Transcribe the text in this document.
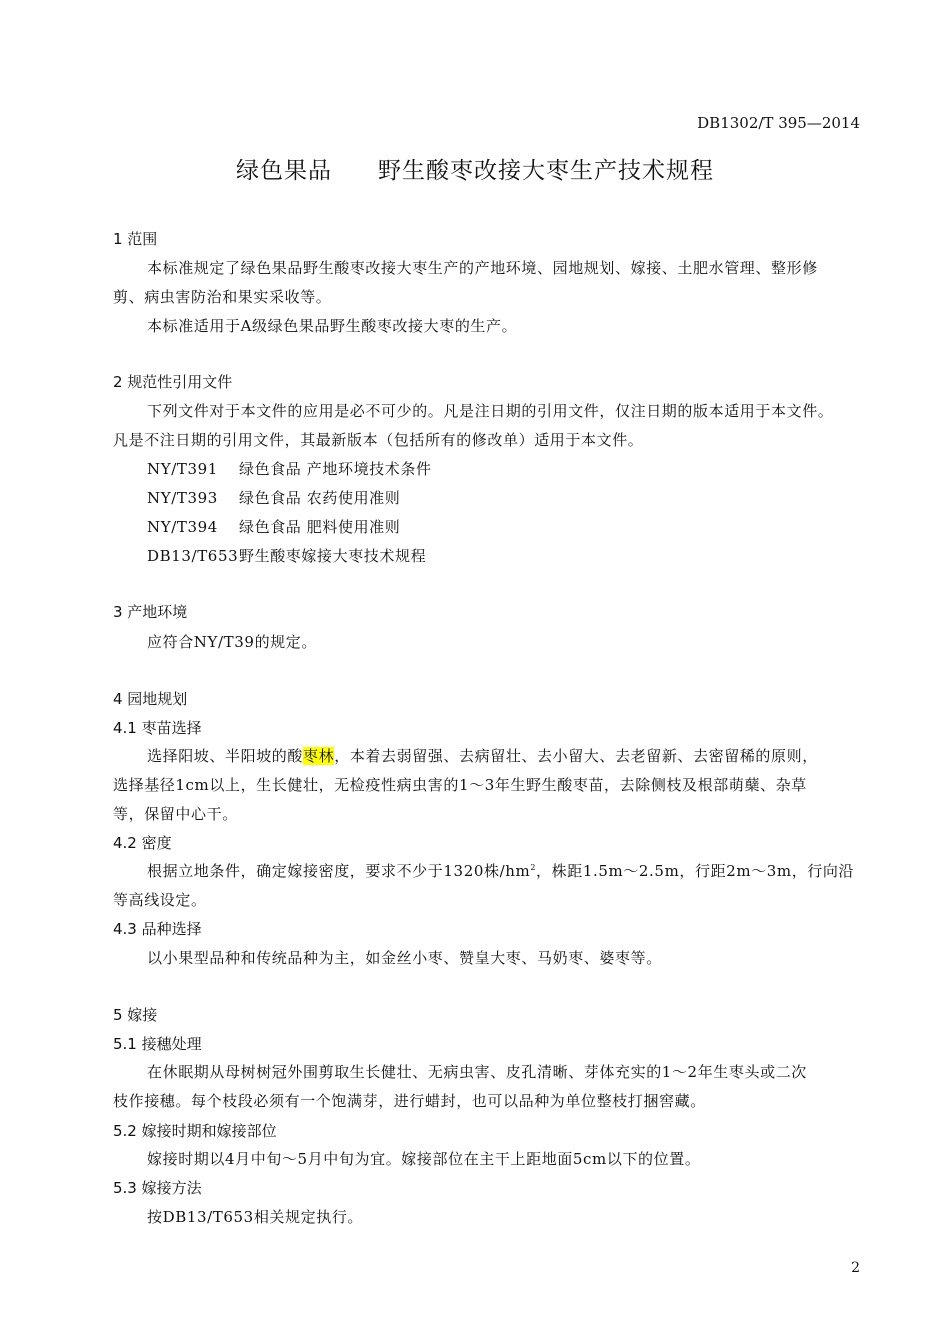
DB1302/T 395—2014
绿色果品 野生酸枣改接大枣生产技术规程
1 范围
本标准规定了绿色果品野生酸枣改接大枣生产的产地环境、园地规划、嫁接、土肥水管理、整形修
剪、病虫害防治和果实采收等。
本标准适用于A级绿色果品野生酸枣改接大枣的生产。
2 规范性引用文件
下列文件对于本文件的应用是必不可少的。凡是注日期的引用文件，仅注日期的版本适用于本文件。
凡是不注日期的引用文件，其最新版本（包括所有的修改单）适用于本文件。
NY/T391 绿色食品 产地环境技术条件
NY/T393 绿色食品 农药使用准则
NY/T394 绿色食品 肥料使用准则
DB13/T653野生酸枣嫁接大枣技术规程
3 产地环境
应符合NY/T39的规定。
4 园地规划
4.1 枣苗选择
选择阳坡、半阳坡的酸枣林，本着去弱留强、去病留壮、去小留大、去老留新、去密留稀的原则，
选择基径1cm以上，生长健壮，无检疫性病虫害的1～3年生野生酸枣苗，去除侧枝及根部萌蘖、杂草
等，保留中心干。
4.2 密度
根据立地条件，确定嫁接密度，要求不少于1320株$/hm^2$，株距1.5m～2.5m，行距2m～3m，行向沿
等高线设定。
4.3 品种选择
以小果型品种和传统品种为主，如金丝小枣、赞皇大枣、马奶枣、婆枣等。
5 嫁接
5.1 接穗处理
在休眠期从母树树冠外围剪取生长健壮、无病虫害、皮孔清晰、芽体充实的1～2年生枣头或二次
枝作接穗。每个枝段必须有一个饱满芽，进行蜡封，也可以品种为单位整枝打捆窖藏。
5.2 嫁接时期和嫁接部位
嫁接时期以4月中旬～5月中旬为宜。嫁接部位在主干上距地面5cm以下的位置。
5.3 嫁接方法
按DB13/T653相关规定执行。
2
